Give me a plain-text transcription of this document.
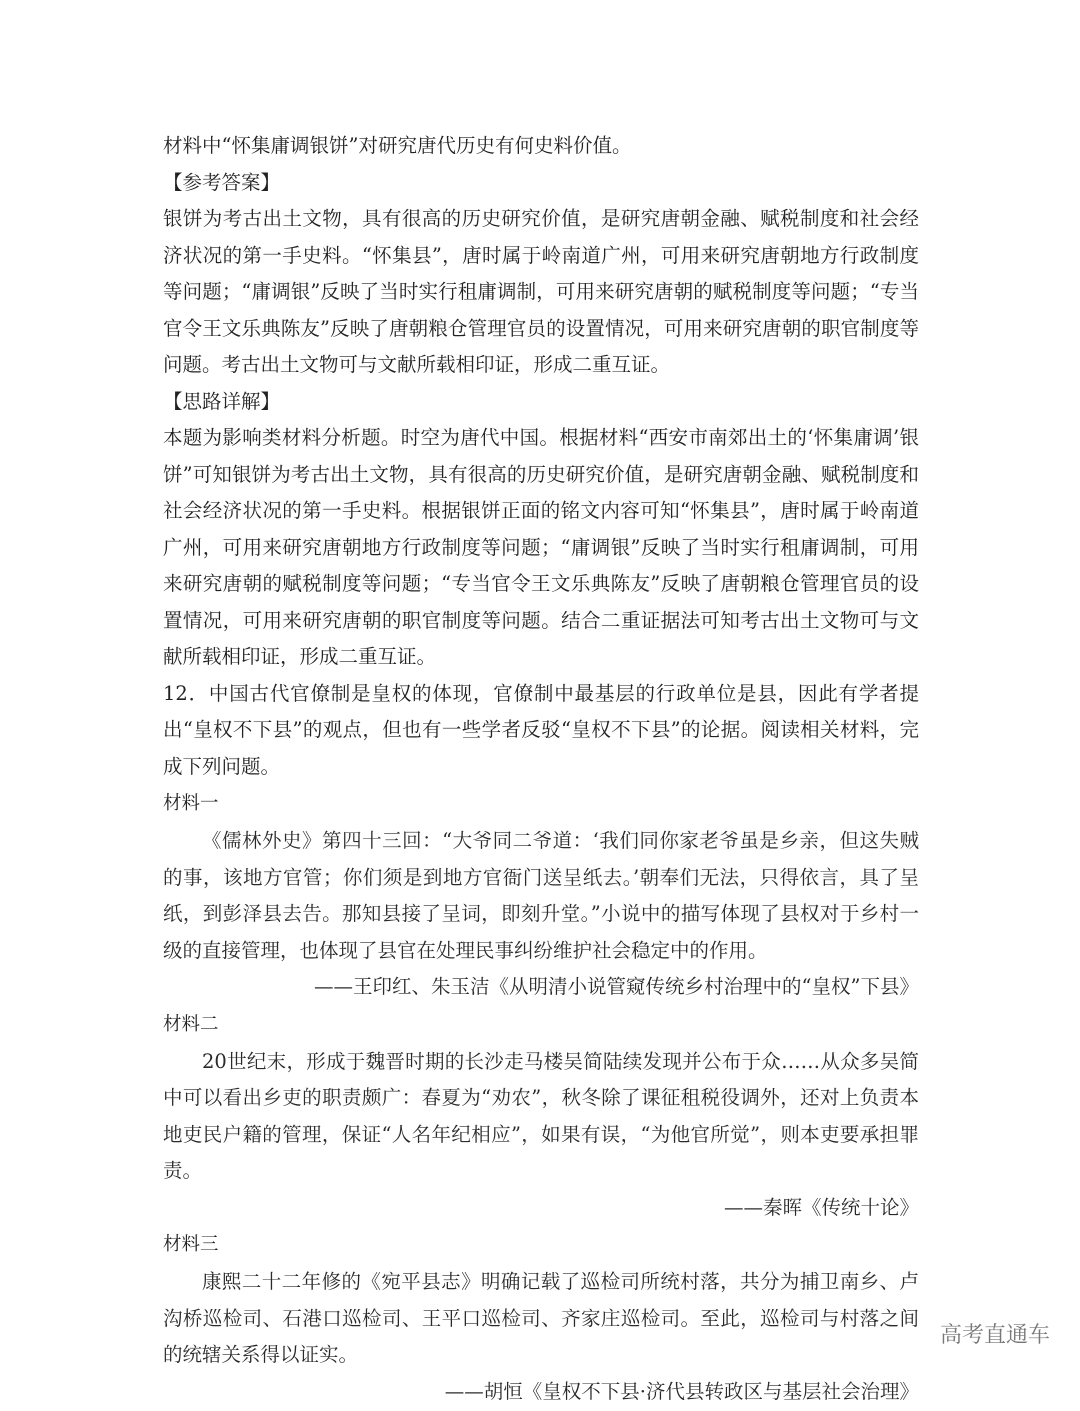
材料中“怀集庸调银饼”对研究唐代历史有何史料价值。
【参考答案】
银饼为考古出土文物，具有很高的历史研究价值，是研究唐朝金融、赋税制度和社会经济状况的第一手史料。“怀集县”，唐时属于岭南道广州，可用来研究唐朝地方行政制度等问题；“庸调银”反映了当时实行租庸调制，可用来研究唐朝的赋税制度等问题；“专当官令王文乐典陈友”反映了唐朝粮仓管理官员的设置情况，可用来研究唐朝的职官制度等问题。考古出土文物可与文献所载相印证，形成二重互证。
【思路详解】
本题为影响类材料分析题。时空为唐代中国。根据材料“西安市南郊出土的‘怀集庸调’银饼”可知银饼为考古出土文物，具有很高的历史研究价值，是研究唐朝金融、赋税制度和社会经济状况的第一手史料。根据银饼正面的铭文内容可知“怀集县”，唐时属于岭南道广州，可用来研究唐朝地方行政制度等问题；“庸调银”反映了当时实行租庸调制，可用来研究唐朝的赋税制度等问题；“专当官令王文乐典陈友”反映了唐朝粮仓管理官员的设置情况，可用来研究唐朝的职官制度等问题。结合二重证据法可知考古出土文物可与文献所载相印证，形成二重互证。
12．中国古代官僚制是皇权的体现，官僚制中最基层的行政单位是县，因此有学者提出“皇权不下县”的观点，但也有一些学者反驳“皇权不下县”的论据。阅读相关材料，完成下列问题。
材料一
《儒林外史》第四十三回：“大爷同二爷道：‘我们同你家老爷虽是乡亲，但这失贼的事，该地方官管；你们须是到地方官衙门送呈纸去。’朝奉们无法，只得依言，具了呈纸，到彭泽县去告。那知县接了呈词，即刻升堂。”小说中的描写体现了县权对于乡村一级的直接管理，也体现了县官在处理民事纠纷维护社会稳定中的作用。
——王印红、朱玉洁《从明清小说管窥传统乡村治理中的“皇权”下县》
材料二
20世纪末，形成于魏晋时期的长沙走马楼吴简陆续发现并公布于众……从众多吴简中可以看出乡吏的职责颇广：春夏为“劝农”，秋冬除了课征租税役调外，还对上负责本地吏民户籍的管理，保证“人名年纪相应”，如果有误，“为他官所觉”，则本吏要承担罪责。
——秦晖《传统十论》
材料三
康熙二十二年修的《宛平县志》明确记载了巡检司所统村落，共分为捕卫南乡、卢沟桥巡检司、石港口巡检司、王平口巡检司、齐家庄巡检司。至此，巡检司与村落之间的统辖关系得以证实。
——胡恒《皇权不下县·济代县转政区与基层社会治理》
高考直通车
